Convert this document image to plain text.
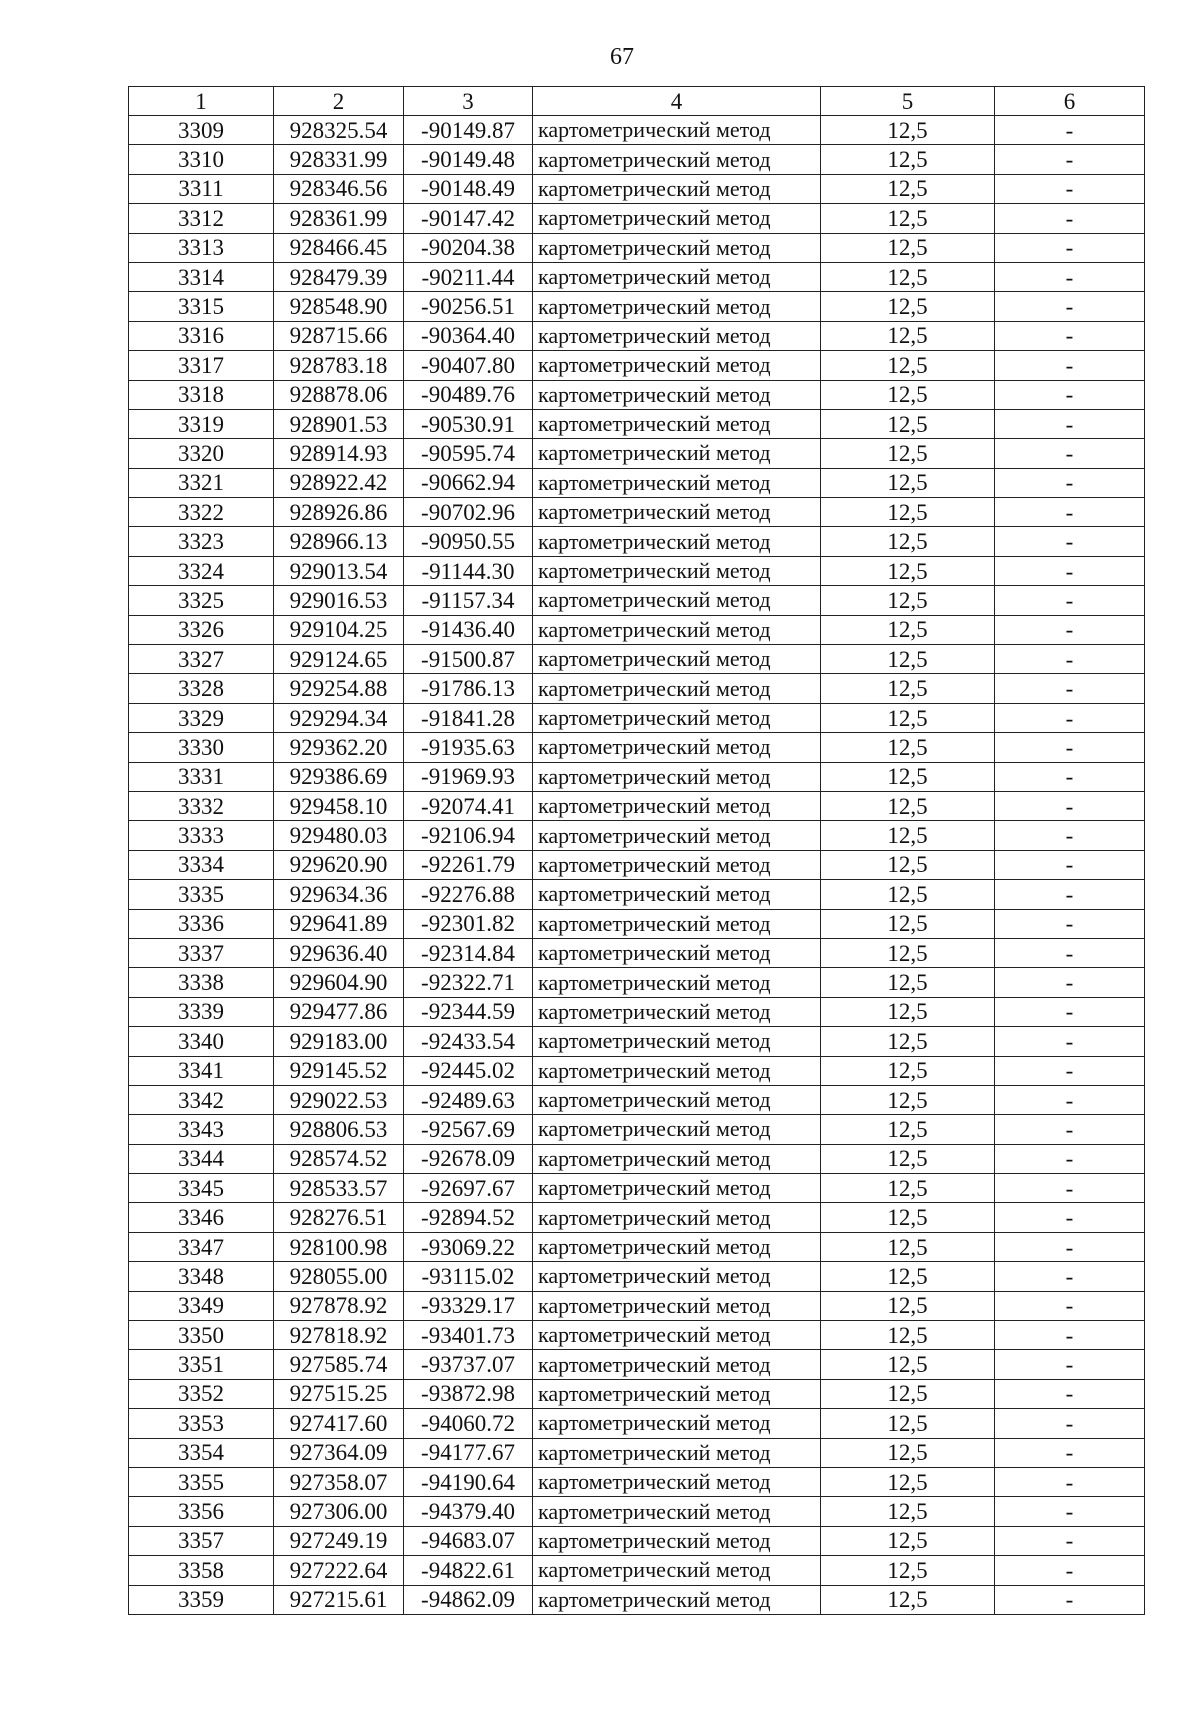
67
1	2	3	4	5	6
3309	928325.54	-90149.87	картометрический метод	12,5	-
3310	928331.99	-90149.48	картометрический метод	12,5	-
3311	928346.56	-90148.49	картометрический метод	12,5	-
3312	928361.99	-90147.42	картометрический метод	12,5	-
3313	928466.45	-90204.38	картометрический метод	12,5	-
3314	928479.39	-90211.44	картометрический метод	12,5	-
3315	928548.90	-90256.51	картометрический метод	12,5	-
3316	928715.66	-90364.40	картометрический метод	12,5	-
3317	928783.18	-90407.80	картометрический метод	12,5	-
3318	928878.06	-90489.76	картометрический метод	12,5	-
3319	928901.53	-90530.91	картометрический метод	12,5	-
3320	928914.93	-90595.74	картометрический метод	12,5	-
3321	928922.42	-90662.94	картометрический метод	12,5	-
3322	928926.86	-90702.96	картометрический метод	12,5	-
3323	928966.13	-90950.55	картометрический метод	12,5	-
3324	929013.54	-91144.30	картометрический метод	12,5	-
3325	929016.53	-91157.34	картометрический метод	12,5	-
3326	929104.25	-91436.40	картометрический метод	12,5	-
3327	929124.65	-91500.87	картометрический метод	12,5	-
3328	929254.88	-91786.13	картометрический метод	12,5	-
3329	929294.34	-91841.28	картометрический метод	12,5	-
3330	929362.20	-91935.63	картометрический метод	12,5	-
3331	929386.69	-91969.93	картометрический метод	12,5	-
3332	929458.10	-92074.41	картометрический метод	12,5	-
3333	929480.03	-92106.94	картометрический метод	12,5	-
3334	929620.90	-92261.79	картометрический метод	12,5	-
3335	929634.36	-92276.88	картометрический метод	12,5	-
3336	929641.89	-92301.82	картометрический метод	12,5	-
3337	929636.40	-92314.84	картометрический метод	12,5	-
3338	929604.90	-92322.71	картометрический метод	12,5	-
3339	929477.86	-92344.59	картометрический метод	12,5	-
3340	929183.00	-92433.54	картометрический метод	12,5	-
3341	929145.52	-92445.02	картометрический метод	12,5	-
3342	929022.53	-92489.63	картометрический метод	12,5	-
3343	928806.53	-92567.69	картометрический метод	12,5	-
3344	928574.52	-92678.09	картометрический метод	12,5	-
3345	928533.57	-92697.67	картометрический метод	12,5	-
3346	928276.51	-92894.52	картометрический метод	12,5	-
3347	928100.98	-93069.22	картометрический метод	12,5	-
3348	928055.00	-93115.02	картометрический метод	12,5	-
3349	927878.92	-93329.17	картометрический метод	12,5	-
3350	927818.92	-93401.73	картометрический метод	12,5	-
3351	927585.74	-93737.07	картометрический метод	12,5	-
3352	927515.25	-93872.98	картометрический метод	12,5	-
3353	927417.60	-94060.72	картометрический метод	12,5	-
3354	927364.09	-94177.67	картометрический метод	12,5	-
3355	927358.07	-94190.64	картометрический метод	12,5	-
3356	927306.00	-94379.40	картометрический метод	12,5	-
3357	927249.19	-94683.07	картометрический метод	12,5	-
3358	927222.64	-94822.61	картометрический метод	12,5	-
3359	927215.61	-94862.09	картометрический метод	12,5	-
